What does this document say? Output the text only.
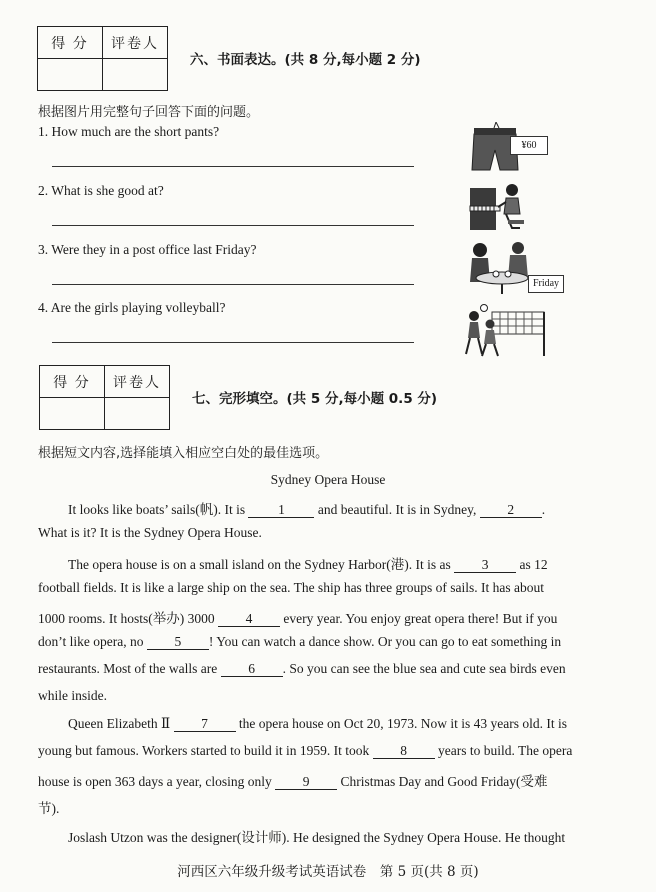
得 分	评卷人

六、书面表达。(共 8 分,每小题 2 分)
根据图片用完整句子回答下面的问题。
1. How much are the short pants?
2. What is she good at?
3. Were they in a post office last Friday?
4. Are the girls playing volleyball?
¥60
Friday
得 分	评卷人

七、完形填空。(共 5 分,每小题 0.5 分)
根据短文内容,选择能填入相应空白处的最佳选项。
Sydney Opera House
It looks like boats’ sails(帆). It is 1 and beautiful. It is in Sydney, 2 .
What is it? It is the Sydney Opera House.
The opera house is on a small island on the Sydney Harbor(港). It is as 3 as 12
football fields. It is like a large ship on the sea. The ship has three groups of sails. It has about
1000 rooms. It hosts(举办) 3000 4 every year. You enjoy great opera there! But if you
don’t like opera, no 5 ! You can watch a dance show. Or you can go to eat something in
restaurants. Most of the walls are 6 . So you can see the blue sea and cute sea birds even
while inside.
Queen Elizabeth Ⅱ 7 the opera house on Oct 20, 1973. Now it is 43 years old. It is
young but famous. Workers started to build it in 1959. It took 8 years to build. The opera
house is open 363 days a year, closing only 9 Christmas Day and Good Friday(受难
节).
Joslash Utzon was the designer(设计师). He designed the Sydney Opera House. He thought
河西区六年级升级考试英语试卷　第 5 页(共 8 页)
